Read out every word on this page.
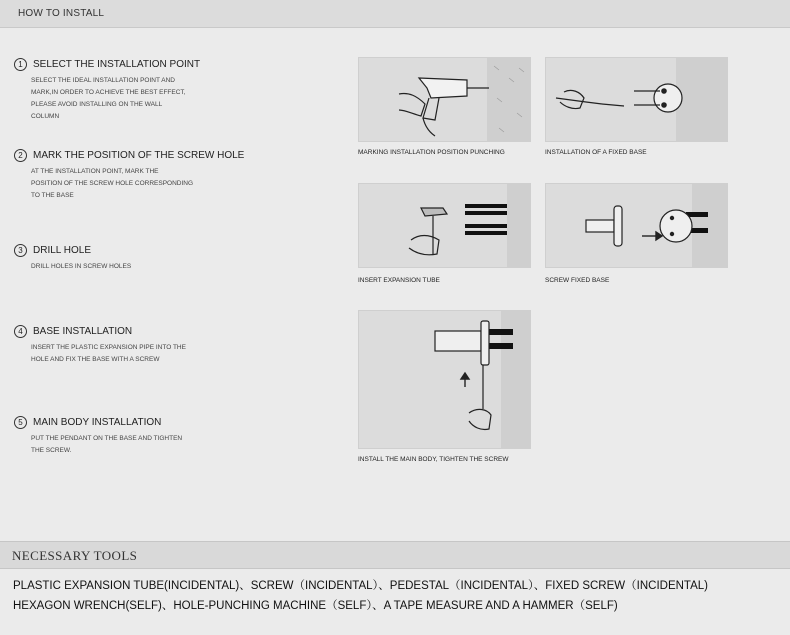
HOW TO INSTALL
1	SELECT THE INSTALLATION POINT
SELECT THE IDEAL INSTALLATION POINT AND
MARK,IN ORDER TO ACHIEVE THE BEST EFFECT,
PLEASE AVOID INSTALLING ON THE WALL
COLUMN
2	MARK THE POSITION OF THE SCREW HOLE
AT THE INSTALLATION POINT, MARK THE
POSITION OF THE SCREW HOLE CORRESPONDING
TO THE BASE
3	DRILL HOLE
DRILL HOLES IN SCREW HOLES
4	BASE INSTALLATION
INSERT THE PLASTIC EXPANSION PIPE INTO THE
HOLE AND FIX THE BASE WITH A SCREW
5	MAIN BODY INSTALLATION
PUT THE PENDANT ON THE BASE AND TIGHTEN
THE SCREW.
MARKING INSTALLATION POSITION PUNCHING	INSTALLATION OF A FIXED BASE
INSERT EXPANSION TUBE	SCREW FIXED BASE
INSTALL THE MAIN BODY, TIGHTEN THE SCREW
NECESSARY TOOLS
PLASTIC EXPANSION TUBE(INCIDENTAL)、SCREW（INCIDENTAL）、PEDESTAL（INCIDENTAL）、FIXED SCREW（INCIDENTAL)
HEXAGON WRENCH(SELF)、HOLE-PUNCHING MACHINE（SELF）、A TAPE MEASURE AND A HAMMER（SELF)
